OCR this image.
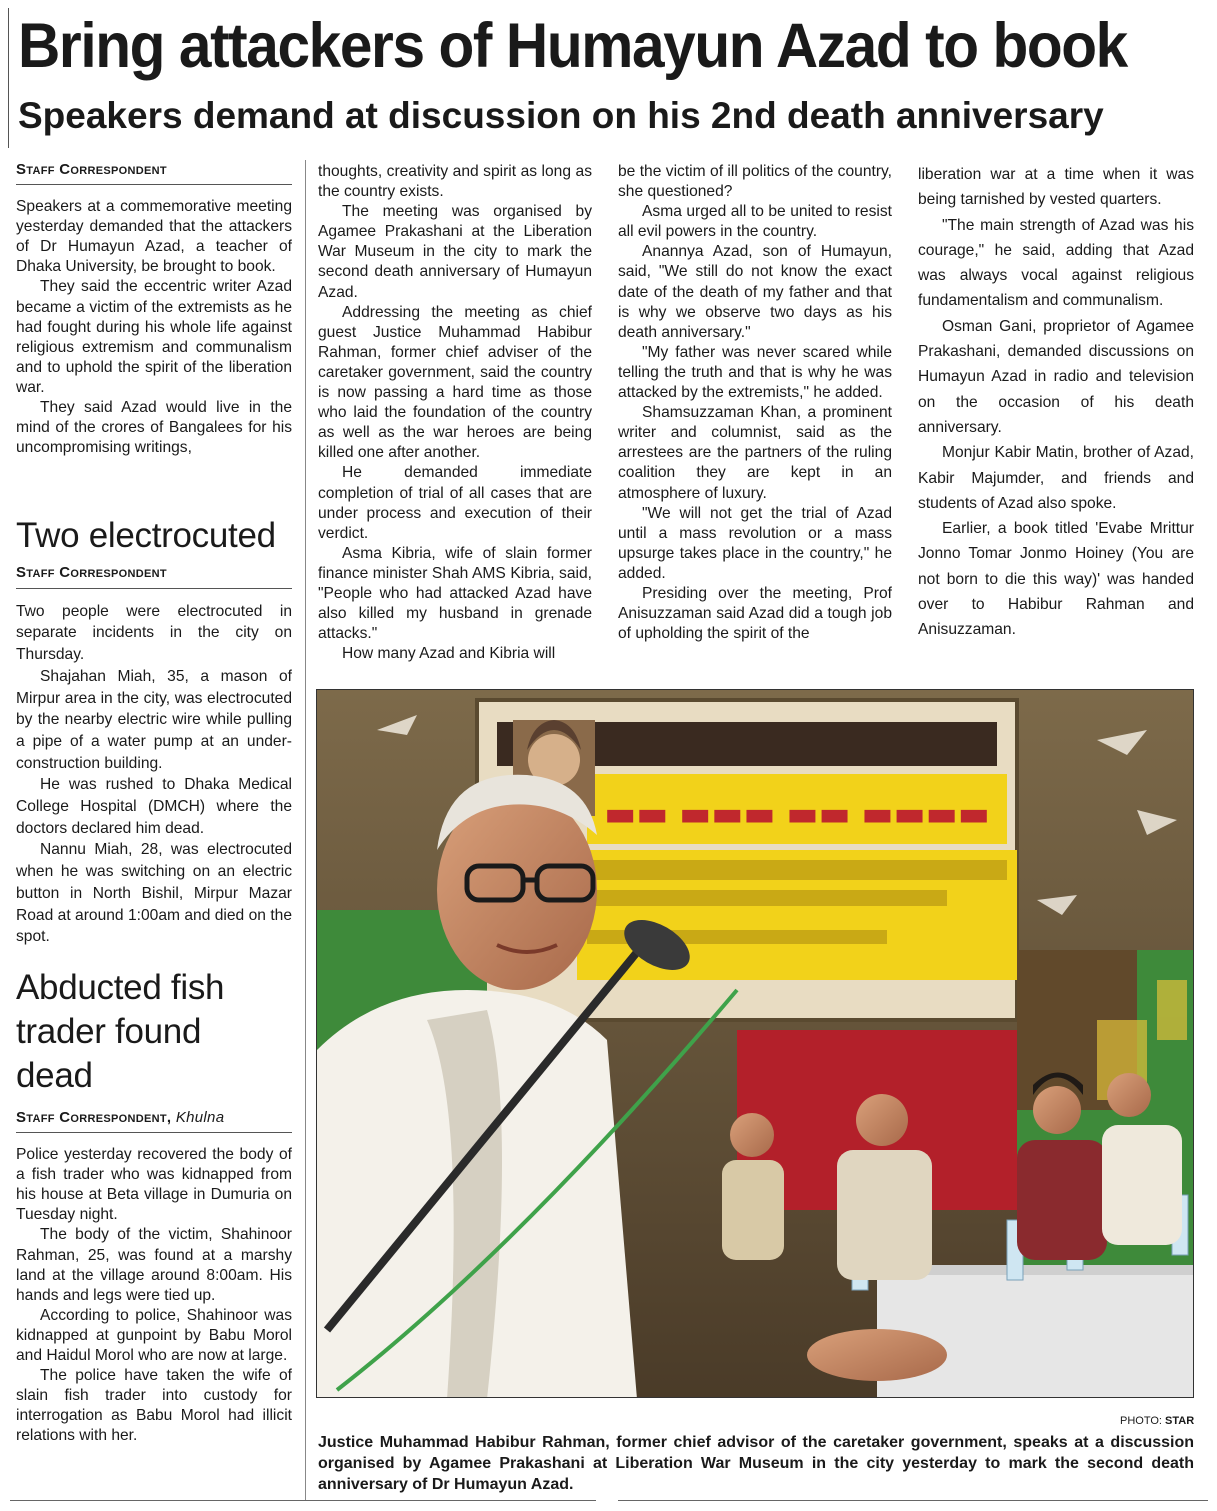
Bring attackers of Humayun Azad to book
Speakers demand at discussion on his 2nd death anniversary
Staff Correspondent

Speakers at a commemorative meeting yesterday demanded that the attackers of Dr Humayun Azad, a teacher of Dhaka University, be brought to book.

They said the eccentric writer Azad became a victim of the extremists as he had fought during his whole life against religious extremism and communalism and to uphold the spirit of the liberation war.

They said Azad would live in the mind of the crores of Bangalees for his uncompromising writings,

Two electrocuted
Staff Correspondent

Two people were electrocuted in separate incidents in the city on Thursday.

Shajahan Miah, 35, a mason of Mirpur area in the city, was electrocuted by the nearby electric wire while pulling a pipe of a water pump at an under-construction building.

He was rushed to Dhaka Medical College Hospital (DMCH) where the doctors declared him dead.

Nannu Miah, 28, was electrocuted when he was switching on an electric button in North Bishil, Mirpur Mazar Road at around 1:00am and died on the spot.

Abducted fish
trader found
dead
Staff Correspondent, Khulna

Police yesterday recovered the body of a fish trader who was kidnapped from his house at Beta village in Dumuria on Tuesday night.

The body of the victim, Shahinoor Rahman, 25, was found at a marshy land at the village around 8:00am. His hands and legs were tied up.

According to police, Shahinoor was kidnapped at gunpoint by Babu Morol and Haidul Morol who are now at large.

The police have taken the wife of slain fish trader into custody for interrogation as Babu Morol had illicit relations with her.

thoughts, creativity and spirit as long as the country exists.

The meeting was organised by Agamee Prakashani at the Liberation War Museum in the city to mark the second death anniversary of Humayun Azad.

Addressing the meeting as chief guest Justice Muhammad Habibur Rahman, former chief adviser of the caretaker government, said the country is now passing a hard time as those who laid the foundation of the country as well as the war heroes are being killed one after another.

He demanded immediate completion of trial of all cases that are under process and execution of their verdict.

Asma Kibria, wife of slain former finance minister Shah AMS Kibria, said, "People who had attacked Azad have also killed my husband in grenade attacks."

How many Azad and Kibria will

be the victim of ill politics of the country, she questioned?

Asma urged all to be united to resist all evil powers in the country.

Anannya Azad, son of Humayun, said, "We still do not know the exact date of the death of my father and that is why we observe two days as his death anniversary."

"My father was never scared while telling the truth and that is why he was attacked by the extremists," he added.

Shamsuzzaman Khan, a prominent writer and columnist, said as the arrestees are the partners of the ruling coalition they are kept in an atmosphere of luxury.

"We will not get the trial of Azad until a mass revolution or a mass upsurge takes place in the country," he added.

Presiding over the meeting, Prof Anisuzzaman said Azad did a tough job of upholding the spirit of the

liberation war at a time when it was being tarnished by vested quarters.

"The main strength of Azad was his courage," he said, adding that Azad was always vocal against religious fundamentalism and communalism.

Osman Gani, proprietor of Agamee Prakashani, demanded discussions on Humayun Azad in radio and television on the occasion of his death anniversary.

Monjur Kabir Matin, brother of Azad, Kabir Majumder, and friends and students of Azad also spoke.

Earlier, a book titled 'Evabe Mrittur Jonno Tomar Jonmo Hoiney (You are not born to die this way)' was handed over to Habibur Rahman and Anisuzzaman.

▬▬ ▬▬▬ ▬▬ ▬▬▬▬
PHOTO: STAR
Justice Muhammad Habibur Rahman, former chief advisor of the caretaker government, speaks at a discussion organised by Agamee Prakashani at Liberation War Museum in the city yesterday to mark the second death anniversary of Dr Humayun Azad.
